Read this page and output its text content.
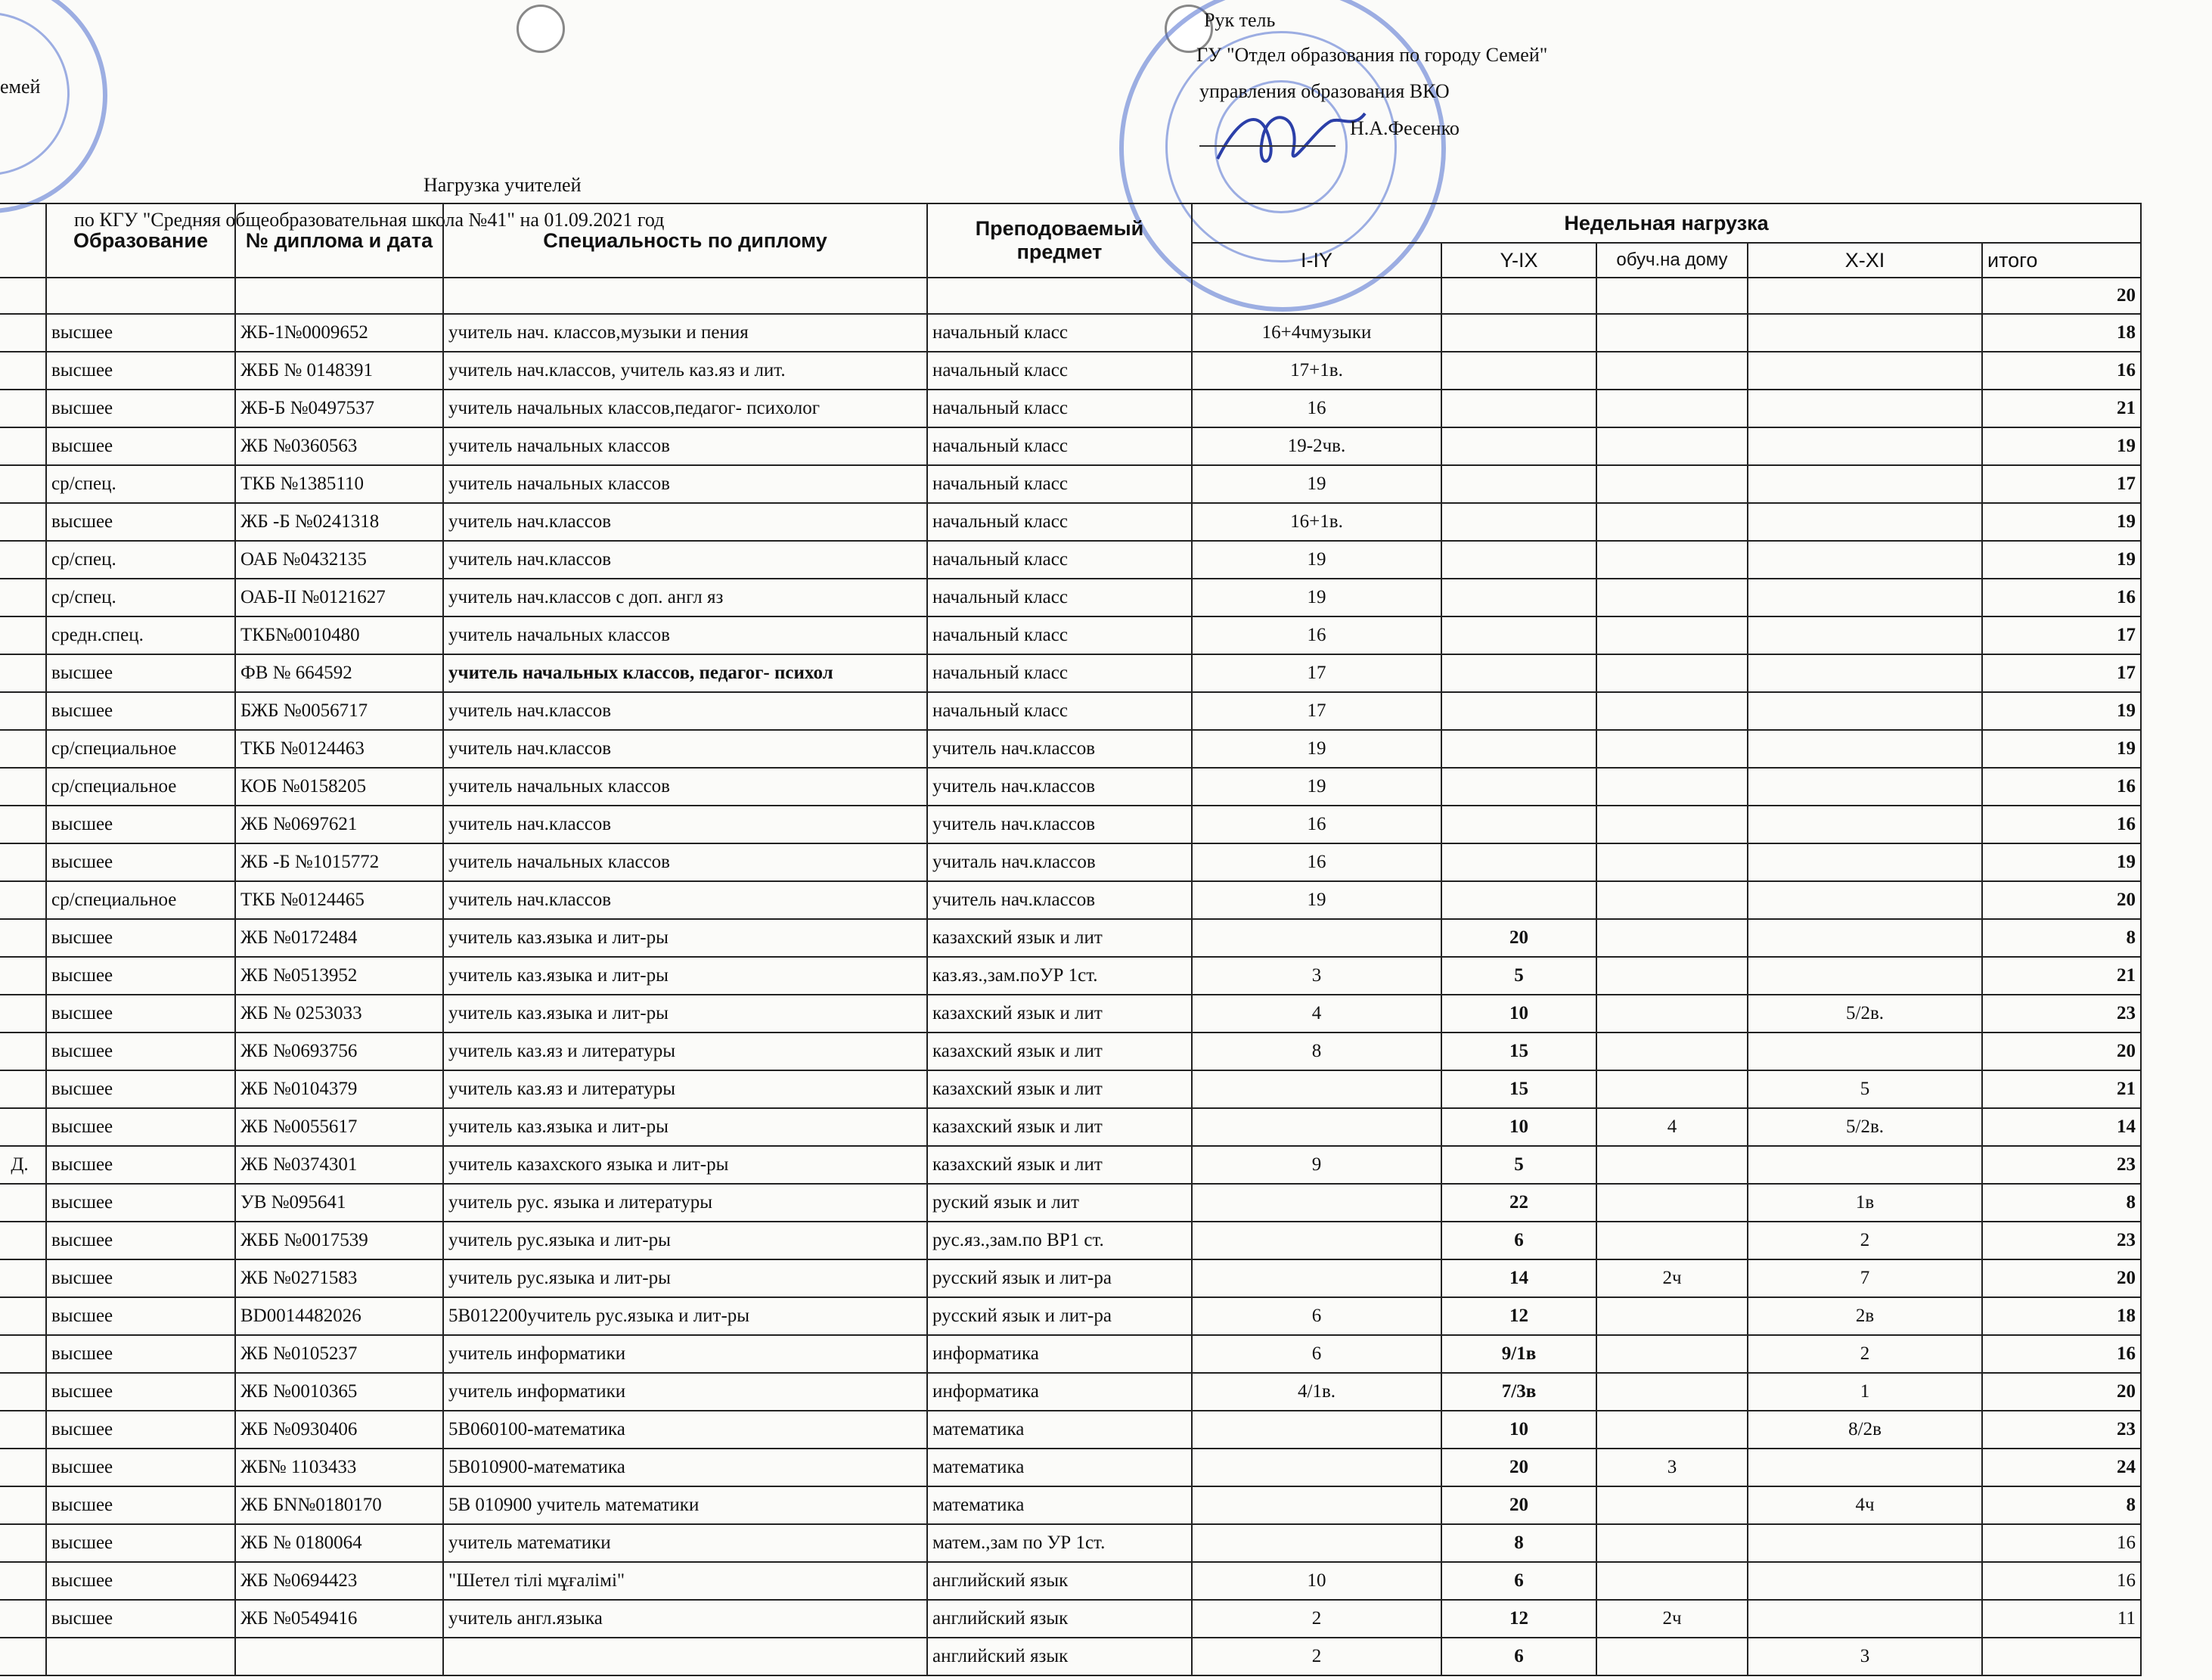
емей
Рук тель
ГУ "Отдел образования по городу Семей"
управления образования ВКО
Н.А.Фесенко
Нагрузка учителей
по КГУ "Средняя общеобразовательная школа №41" на 01.09.2021 год
	Образование	№ диплома и дата	Специальность по диплому	Преподоваемый предмет	Недельная нагрузка				
					I-IY	Y-IX	обуч.на дому	X-XI	итого
									20
	высшее	ЖБ-1№0009652	учитель нач. классов,музыки и пения	начальный класс	16+4чмузыки				18
	высшее	ЖББ № 0148391	учитель нач.классов, учитель каз.яз и лит.	начальный класс	17+1в.				16
	высшее	ЖБ-Б №0497537	учитель начальных классов,педагог- психолог	начальный класс	16				21
	высшее	ЖБ №0360563	учитель начальных классов	начальный класс	19-2чв.				19
	ср/спец.	ТКБ №1385110	учитель начальных классов	начальный класс	19				17
	высшее	ЖБ -Б №0241318	учитель нач.классов	начальный класс	16+1в.				19
	ср/спец.	ОАБ №0432135	учитель нач.классов	начальный класс	19				19
	ср/спец.	ОАБ-II №0121627	учитель нач.классов с доп. англ яз	начальный класс	19				16
	средн.спец.	ТКБ№0010480	учитель начальных классов	начальный класс	16				17
	высшее	ФВ № 664592	учитель начальных классов, педагог- психол	начальный класс	17				17
	высшее	БЖБ №0056717	учитель нач.классов	начальный класс	17				19
	ср/специальное	ТКБ №0124463	учитель нач.классов	учитель нач.классов	19				19
	ср/специальное	КОБ №0158205	учитель начальных классов	учитель нач.классов	19				16
	высшее	ЖБ №0697621	учитель нач.классов	учитель нач.классов	16				16
	высшее	ЖБ -Б №1015772	учитель начальных классов	учиталь нач.классов	16				19
	ср/специальное	ТКБ №0124465	учитель нач.классов	учитель нач.классов	19				20
	высшее	ЖБ №0172484	учитель каз.языка и лит-ры	казахский язык и лит		20			8
	высшее	ЖБ №0513952	учитель каз.языка и лит-ры	каз.яз.,зам.поУР 1ст.	3	5			21
	высшее	ЖБ № 0253033	учитель каз.языка и лит-ры	казахский язык и лит	4	10		5/2в.	23
	высшее	ЖБ №0693756	учитель каз.яз и литературы	казахский язык и лит	8	15			20
	высшее	ЖБ №0104379	учитель каз.яз и литературы	казахский язык и лит		15		5	21
	высшее	ЖБ №0055617	учитель каз.языка и лит-ры	казахский язык и лит		10	4	5/2в.	14
Д.	высшее	ЖБ №0374301	учитель казахского языка и лит-ры	казахский язык и лит	9	5			23
	высшее	УВ №095641	учитель рус. языка и литературы	руский язык и лит		22		1в	8
	высшее	ЖББ №0017539	учитель рус.языка и лит-ры	рус.яз.,зам.по ВР1 ст.		6		2	23
	высшее	ЖБ №0271583	учитель рус.языка и лит-ры	русский язык и лит-ра		14	2ч	7	20
	высшее	BD0014482026	5B012200учитель рус.языка и лит-ры	русский язык и лит-ра	6	12		2в	18
	высшее	ЖБ №0105237	учитель информатики	информатика	6	9/1в		2	16
	высшее	ЖБ №0010365	учитель информатики	информатика	4/1в.	7/3в		1	20
	высшее	ЖБ №0930406	5B060100-математика	математика		10		8/2в	23
	высшее	ЖБ№ 1103433	5B010900-математика	математика		20	3		24
	высшее	ЖБ БN№0180170	5В 010900 учитель математики	математика		20		4ч	8
	высшее	ЖБ № 0180064	учитель математики	матем.,зам по УР 1ст.		8			16
	высшее	ЖБ №0694423	"Шетел тілі мұғалімі"	английский язык	10	6			16
	высшее	ЖБ №0549416	учитель англ.языка	английский язык	2	12	2ч		11
				английский язык	2	6		3	
